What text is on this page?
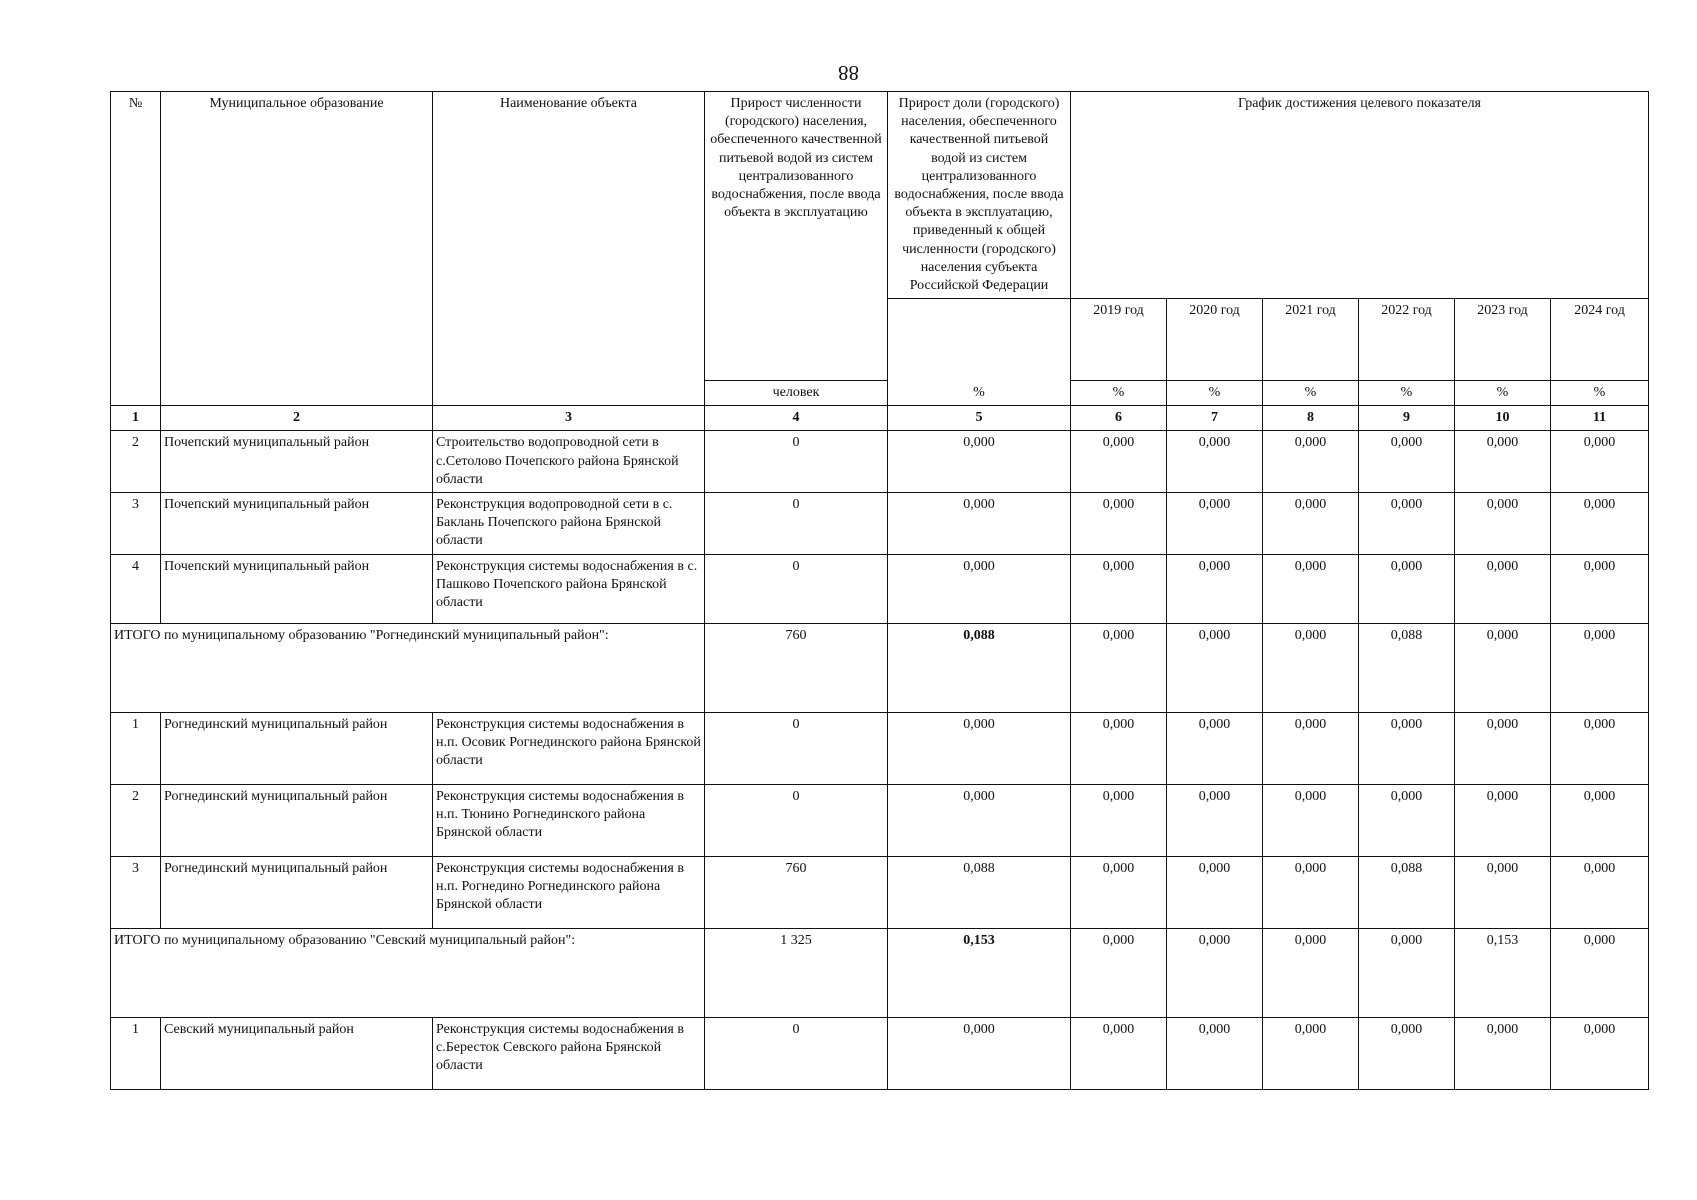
88
№	Муниципальное образование	Наименование объекта	Прирост численности (городского) населения, обеспеченного качественной питьевой водой из систем централизованного водоснабжения, после ввода объекта в эксплуатацию	Прирост доли (городского) населения, обеспеченного качественной питьевой водой из систем централизованного водоснабжения, после ввода объекта в эксплуатацию, приведенный к общей численности (городского) населения субъекта Российской Федерации	График достижения целевого показателя					
				%	2019 год	2020 год	2021 год	2022 год	2023 год	2024 год
			человек		%	%	%	%	%	%
1	2	3	4	5	6	7	8	9	10	11
2	Почепский муниципальный район	Строительство водопроводной сети в с.Сетолово Почепского района Брянской области	0	0,000	0,000	0,000	0,000	0,000	0,000	0,000
3	Почепский муниципальный район	Реконструкция водопроводной сети в с. Баклань Почепского района Брянской области	0	0,000	0,000	0,000	0,000	0,000	0,000	0,000
4	Почепский муниципальный район	Реконструкция системы водоснабжения в с. Пашково Почепского района Брянской области	0	0,000	0,000	0,000	0,000	0,000	0,000	0,000
ИТОГО по муниципальному образованию "Рогнединский муниципальный район":			760	0,088	0,000	0,000	0,000	0,088	0,000	0,000
1	Рогнединский муниципальный район	Реконструкция системы водоснабжения в н.п. Осовик Рогнединского района Брянской области	0	0,000	0,000	0,000	0,000	0,000	0,000	0,000
2	Рогнединский муниципальный район	Реконструкция системы водоснабжения в н.п. Тюнино Рогнединского района Брянской области	0	0,000	0,000	0,000	0,000	0,000	0,000	0,000
3	Рогнединский муниципальный район	Реконструкция системы водоснабжения в н.п. Рогнедино Рогнединского района Брянской области	760	0,088	0,000	0,000	0,000	0,088	0,000	0,000
ИТОГО по муниципальному образованию "Севский муниципальный район":			1 325	0,153	0,000	0,000	0,000	0,000	0,153	0,000
1	Севский муниципальный район	Реконструкция системы водоснабжения в с.Бересток Севского района Брянской области	0	0,000	0,000	0,000	0,000	0,000	0,000	0,000
